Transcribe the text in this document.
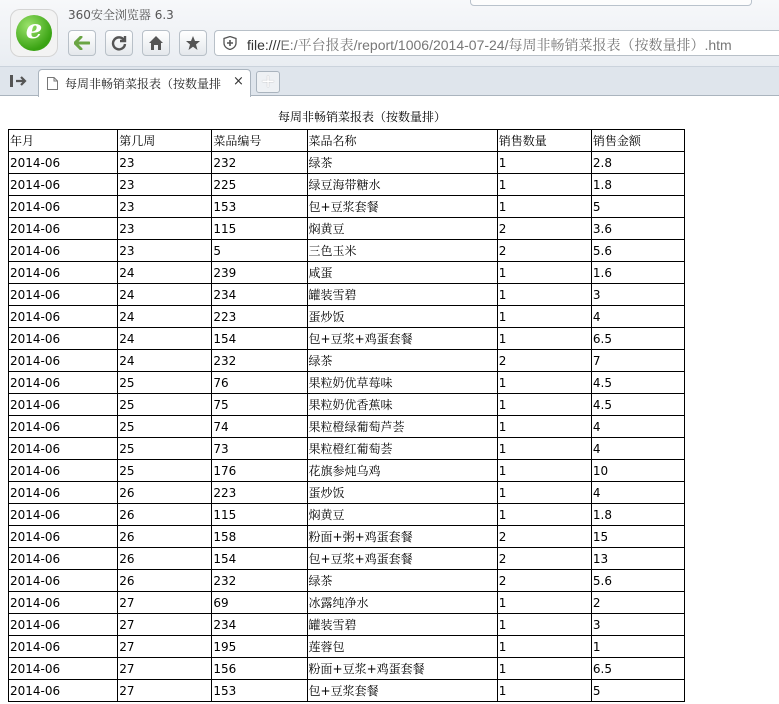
e	360安全浏览器 6.3
file:///E:/平台报表/report/1006/2014-07-24/每周非畅销菜报表（按数量排）.htm
每周非畅销菜报表（按数量排 × +
每周非畅销菜报表（按数量排）
年月	第几周	菜品编号	菜品名称	销售数量	销售金额
2014-06	23	232	绿茶	1	2.8
2014-06	23	225	绿豆海带糖水	1	1.8
2014-06	23	153	包+豆浆套餐	1	5
2014-06	23	115	焖黄豆	2	3.6
2014-06	23	5	三色玉米	2	5.6
2014-06	24	239	咸蛋	1	1.6
2014-06	24	234	罐装雪碧	1	3
2014-06	24	223	蛋炒饭	1	4
2014-06	24	154	包+豆浆+鸡蛋套餐	1	6.5
2014-06	24	232	绿茶	2	7
2014-06	25	76	果粒奶优草莓味	1	4.5
2014-06	25	75	果粒奶优香蕉味	1	4.5
2014-06	25	74	果粒橙绿葡萄芦荟	1	4
2014-06	25	73	果粒橙红葡萄荟	1	4
2014-06	25	176	花旗参炖乌鸡	1	10
2014-06	26	223	蛋炒饭	1	4
2014-06	26	115	焖黄豆	1	1.8
2014-06	26	158	粉面+粥+鸡蛋套餐	2	15
2014-06	26	154	包+豆浆+鸡蛋套餐	2	13
2014-06	26	232	绿茶	2	5.6
2014-06	27	69	冰露纯净水	1	2
2014-06	27	234	罐装雪碧	1	3
2014-06	27	195	莲蓉包	1	1
2014-06	27	156	粉面+豆浆+鸡蛋套餐	1	6.5
2014-06	27	153	包+豆浆套餐	1	5
